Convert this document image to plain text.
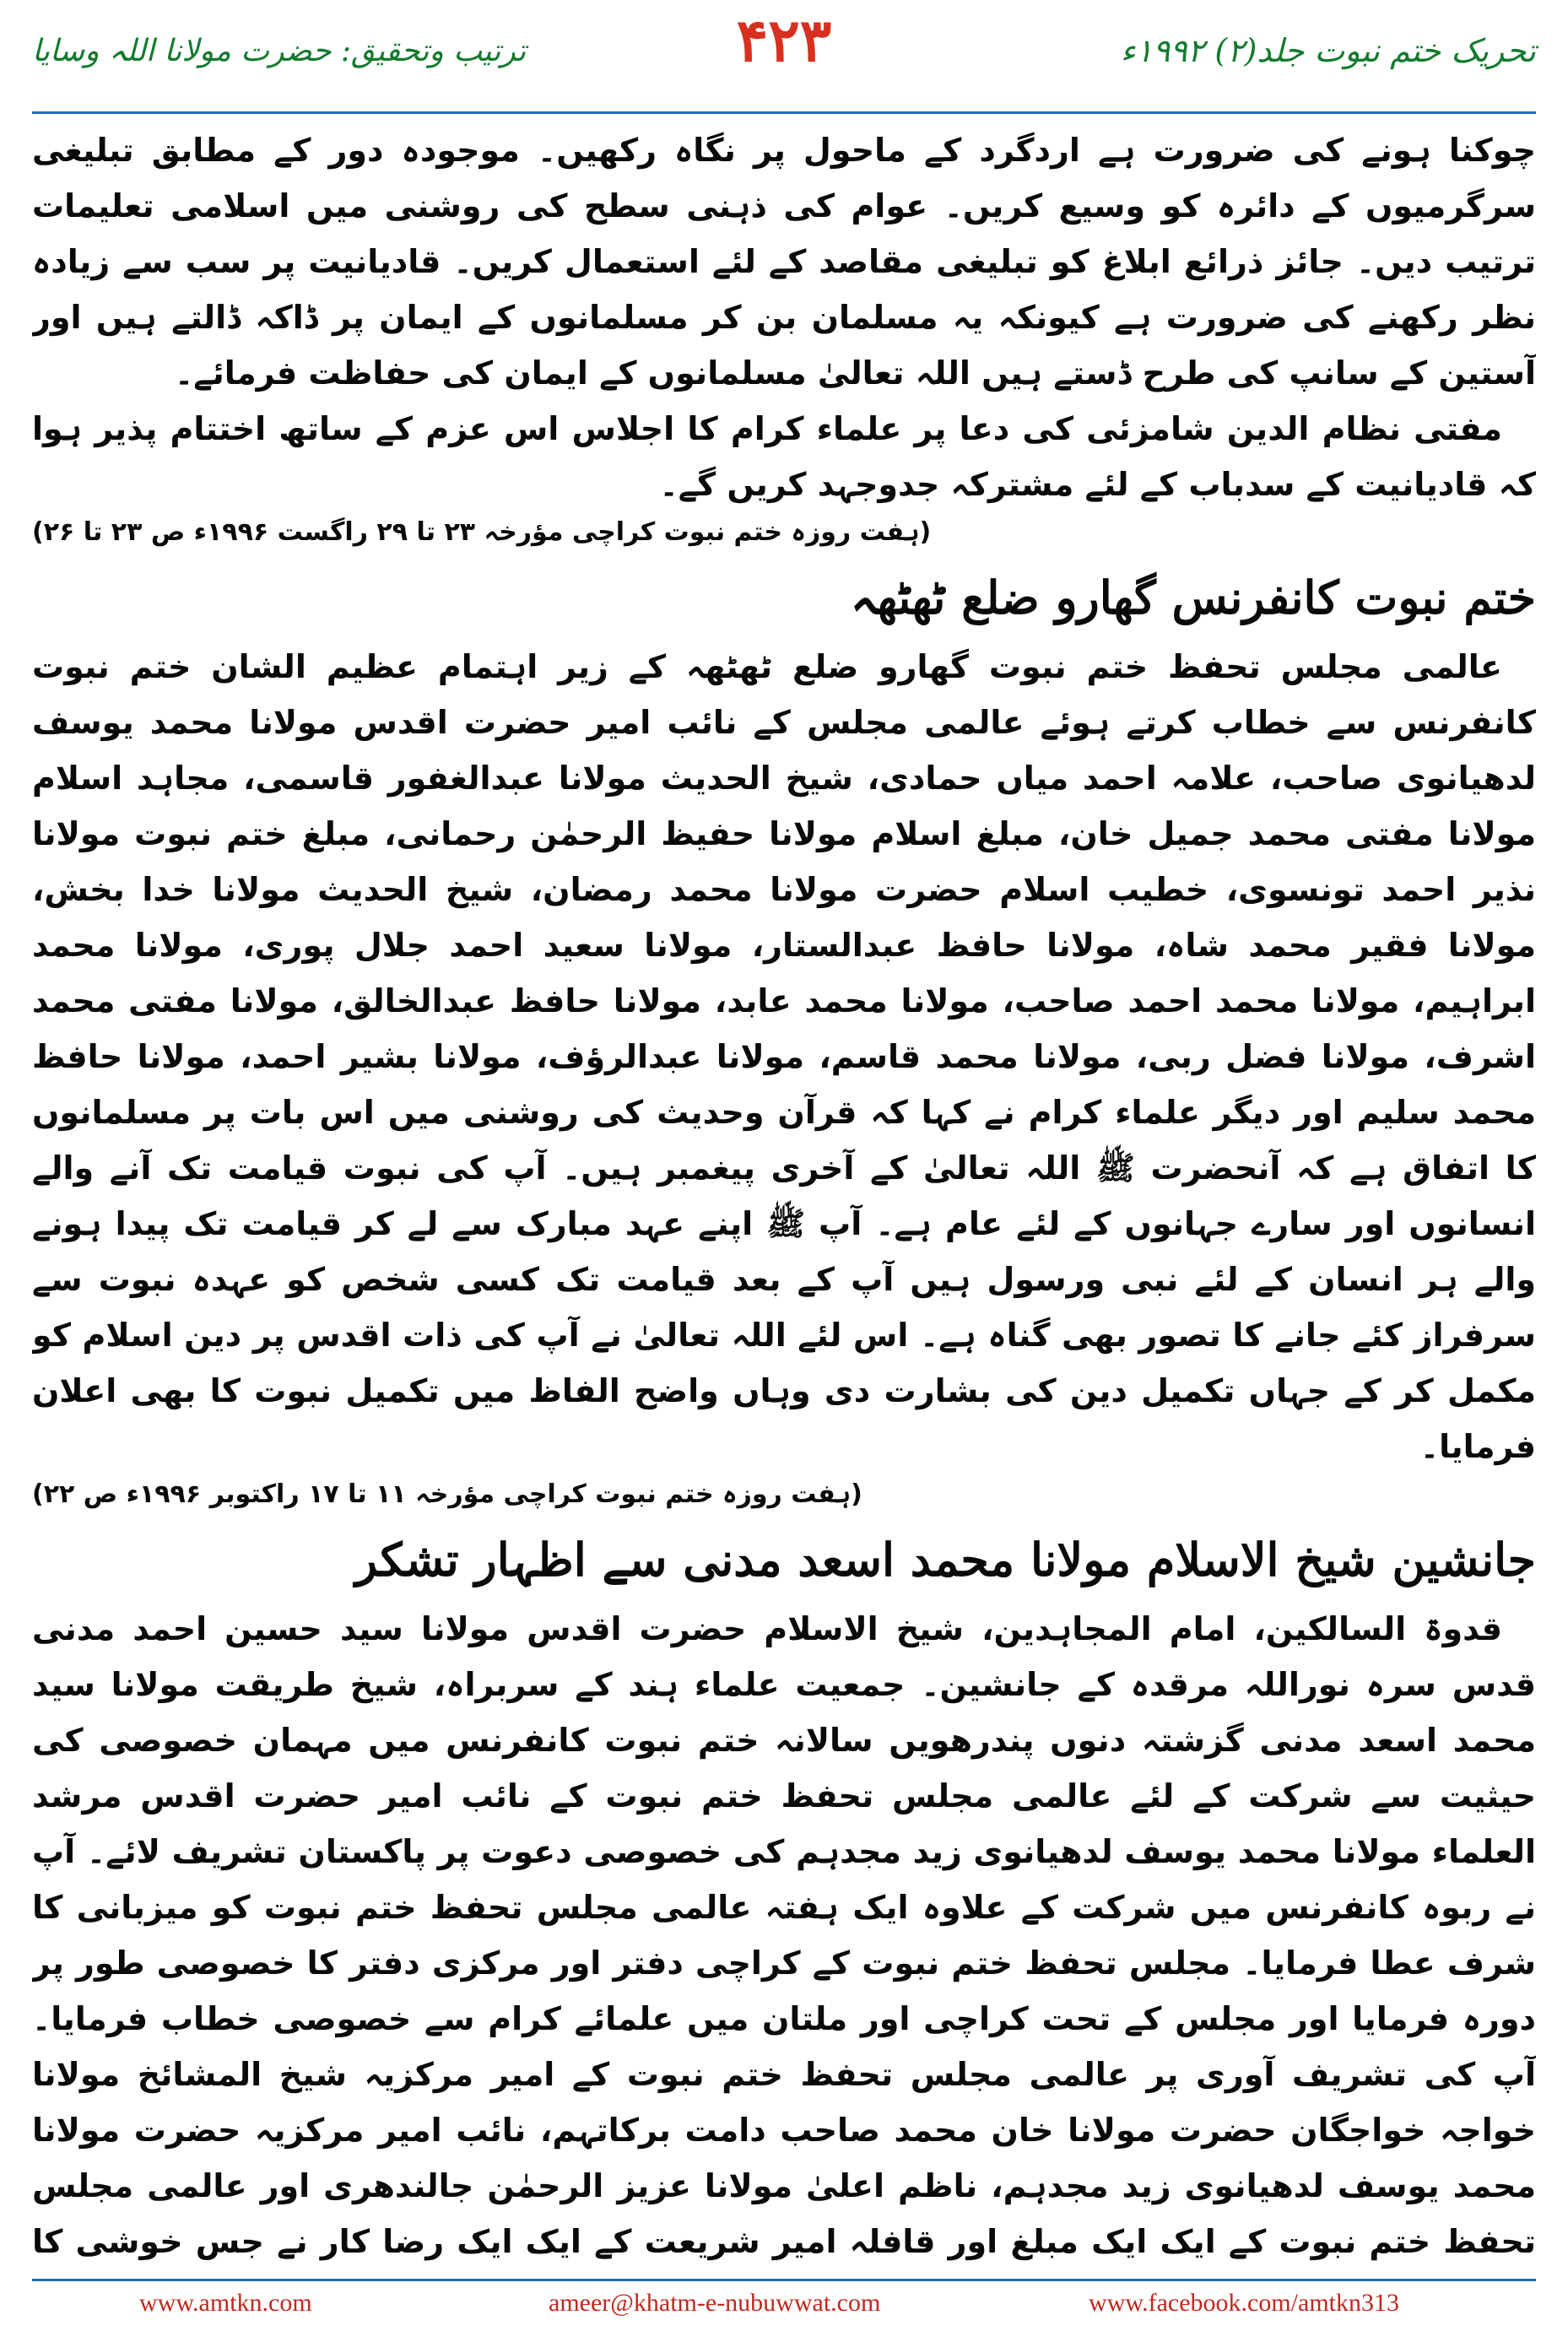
تحریک ختم نبوت جلد(۲) ۱۹۹۲ء
۴۲۳
ترتیب وتحقیق: حضرت مولانا اللہ وسایا

چوکنا ہونے کی ضرورت ہے اردگرد کے ماحول پر نگاہ رکھیں۔ موجودہ دور کے مطابق تبلیغی سرگرمیوں کے دائرہ کو وسیع کریں۔ عوام کی ذہنی سطح کی روشنی میں اسلامی تعلیمات ترتیب دیں۔ جائز ذرائع ابلاغ کو تبلیغی مقاصد کے لئے استعمال کریں۔ قادیانیت پر سب سے زیادہ نظر رکھنے کی ضرورت ہے کیونکہ یہ مسلمان بن کر مسلمانوں کے ایمان پر ڈاکہ ڈالتے ہیں اور آستین کے سانپ کی طرح ڈستے ہیں اللہ تعالیٰ مسلمانوں کے ایمان کی حفاظت فرمائے۔

مفتی نظام الدین شامزئی کی دعا پر علماء کرام کا اجلاس اس عزم کے ساتھ اختتام پذیر ہوا کہ قادیانیت کے سدباب کے لئے مشترکہ جدوجہد کریں گے۔

(ہفت روزہ ختم نبوت کراچی مؤرخہ ۲۳ تا ۲۹ راگست ۱۹۹۶ء ص ۲۳ تا ۲۶)
ختم نبوت کانفرنس گھارو ضلع ٹھٹھہ

عالمی مجلس تحفظ ختم نبوت گھارو ضلع ٹھٹھہ کے زیر اہتمام عظیم الشان ختم نبوت کانفرنس سے خطاب کرتے ہوئے عالمی مجلس کے نائب امیر حضرت اقدس مولانا محمد یوسف لدھیانوی صاحب، علامہ احمد میاں حمادی، شیخ الحدیث مولانا عبدالغفور قاسمی، مجاہد اسلام مولانا مفتی محمد جمیل خان، مبلغ اسلام مولانا حفیظ الرحمٰن رحمانی، مبلغ ختم نبوت مولانا نذیر احمد تونسوی، خطیب اسلام حضرت مولانا محمد رمضان، شیخ الحدیث مولانا خدا بخش، مولانا فقیر محمد شاہ، مولانا حافظ عبدالستار، مولانا سعید احمد جلال پوری، مولانا محمد ابراہیم، مولانا محمد احمد صاحب، مولانا محمد عابد، مولانا حافظ عبدالخالق، مولانا مفتی محمد اشرف، مولانا فضل ربی، مولانا محمد قاسم، مولانا عبدالرؤف، مولانا بشیر احمد، مولانا حافظ محمد سلیم اور دیگر علماء کرام نے کہا کہ قرآن وحدیث کی روشنی میں اس بات پر مسلمانوں کا اتفاق ہے کہ آنحضرت ﷺ اللہ تعالیٰ کے آخری پیغمبر ہیں۔ آپ کی نبوت قیامت تک آنے والے انسانوں اور سارے جہانوں کے لئے عام ہے۔ آپ ﷺ اپنے عہد مبارک سے لے کر قیامت تک پیدا ہونے والے ہر انسان کے لئے نبی ورسول ہیں آپ کے بعد قیامت تک کسی شخص کو عہدہ نبوت سے سرفراز کئے جانے کا تصور بھی گناہ ہے۔ اس لئے اللہ تعالیٰ نے آپ کی ذات اقدس پر دین اسلام کو مکمل کر کے جہاں تکمیل دین کی بشارت دی وہاں واضح الفاظ میں تکمیل نبوت کا بھی اعلان فرمایا۔

(ہفت روزہ ختم نبوت کراچی مؤرخہ ۱۱ تا ۱۷ راکتوبر ۱۹۹۶ء ص ۲۲)
جانشین شیخ الاسلام مولانا محمد اسعد مدنی سے اظہار تشکر

قدوۃ السالکین، امام المجاہدین، شیخ الاسلام حضرت اقدس مولانا سید حسین احمد مدنی قدس سرہ نوراللہ مرقدہ کے جانشین۔ جمعیت علماء ہند کے سربراہ، شیخ طریقت مولانا سید محمد اسعد مدنی گزشتہ دنوں پندرھویں سالانہ ختم نبوت کانفرنس میں مہمان خصوصی کی حیثیت سے شرکت کے لئے عالمی مجلس تحفظ ختم نبوت کے نائب امیر حضرت اقدس مرشد العلماء مولانا محمد یوسف لدھیانوی زید مجدہم کی خصوصی دعوت پر پاکستان تشریف لائے۔ آپ نے ربوہ کانفرنس میں شرکت کے علاوہ ایک ہفتہ عالمی مجلس تحفظ ختم نبوت کو میزبانی کا شرف عطا فرمایا۔ مجلس تحفظ ختم نبوت کے کراچی دفتر اور مرکزی دفتر کا خصوصی طور پر دورہ فرمایا اور مجلس کے تحت کراچی اور ملتان میں علمائے کرام سے خصوصی خطاب فرمایا۔ آپ کی تشریف آوری پر عالمی مجلس تحفظ ختم نبوت کے امیر مرکزیہ شیخ المشائخ مولانا خواجہ خواجگان حضرت مولانا خان محمد صاحب دامت برکاتہم، نائب امیر مرکزیہ حضرت مولانا محمد یوسف لدھیانوی زید مجدہم، ناظم اعلیٰ مولانا عزیز الرحمٰن جالندھری اور عالمی مجلس تحفظ ختم نبوت کے ایک ایک مبلغ اور قافلہ امیر شریعت کے ایک ایک رضا کار نے جس خوشی کا

www.amtkn.com	ameer@khatm-e-nubuwwat.com	www.facebook.com/amtkn313
